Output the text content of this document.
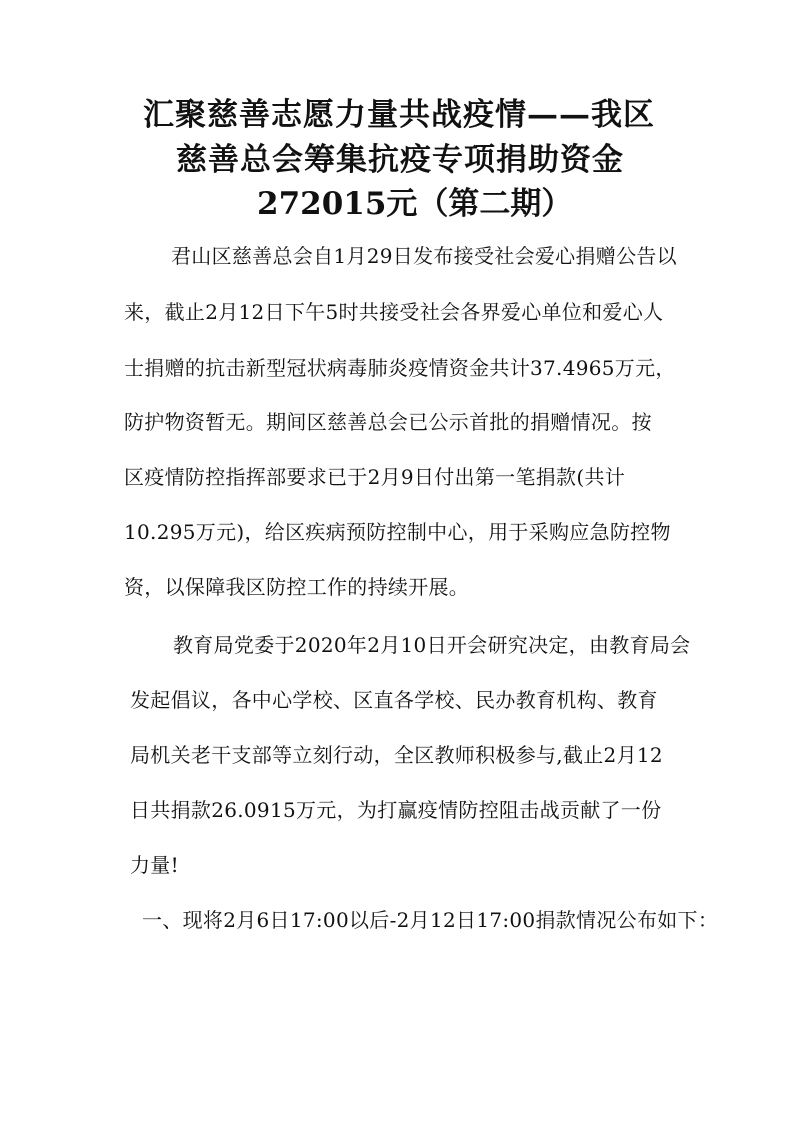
汇聚慈善志愿力量共战疫情——我区
慈善总会筹集抗疫专项捐助资金
272015元（第二期）
君山区慈善总会自1月29日发布接受社会爱心捐赠公告以
来，截止2月12日下午5时共接受社会各界爱心单位和爱心人
士捐赠的抗击新型冠状病毒肺炎疫情资金共计37.4965万元，
防护物资暂无。期间区慈善总会已公示首批的捐赠情况。按
区疫情防控指挥部要求已于2月9日付出第一笔捐款(共计
10.295万元)，给区疾病预防控制中心，用于采购应急防控物
资，以保障我区防控工作的持续开展。
教育局党委于2020年2月10日开会研究决定，由教育局会
发起倡议，各中心学校、区直各学校、民办教育机构、教育
局机关老干支部等立刻行动，全区教师积极参与,截止2月12
日共捐款26.0915万元，为打赢疫情防控阻击战贡献了一份
力量!
一、现将2月6日17:00以后-2月12日17:00捐款情况公布如下：
